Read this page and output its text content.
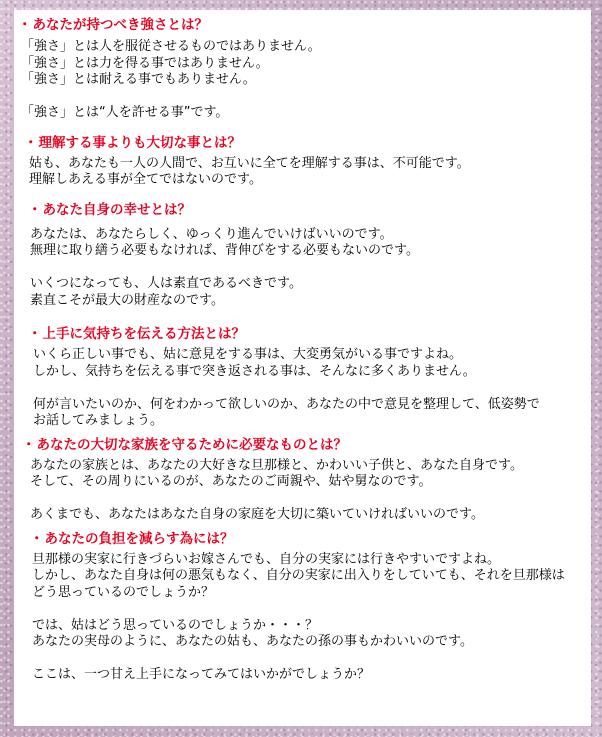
・あなたが持つべき強さとは？

「強さ」とは人を服従させるものではありません。

「強さ」とは力を得る事ではありません。

「強さ」とは耐える事でもありません。

「強さ」とは“人を許せる事”です。

・理解する事よりも大切な事とは？

姑も、あなたも一人の人間で、お互いに全てを理解する事は、不可能です。

理解しあえる事が全てではないのです。

・あなた自身の幸せとは？

あなたは、あなたらしく、ゆっくり進んでいけばいいのです。

無理に取り繕う必要もなければ、背伸びをする必要もないのです。

いくつになっても、人は素直であるべきです。

素直こそが最大の財産なのです。

・上手に気持ちを伝える方法とは？

いくら正しい事でも、姑に意見をする事は、大変勇気がいる事ですよね。

しかし、気持ちを伝える事で突き返される事は、そんなに多くありません。

何が言いたいのか、何をわかって欲しいのか、あなたの中で意見を整理して、低姿勢で

お話してみましょう。

・あなたの大切な家族を守るために必要なものとは？

あなたの家族とは、あなたの大好きな旦那様と、かわいい子供と、あなた自身です。

そして、その周りにいるのが、あなたのご両親や、姑や舅なのです。

あくまでも、あなたはあなた自身の家庭を大切に築いていければいいのです。

・あなたの負担を減らす為には？

旦那様の実家に行きづらいお嫁さんでも、自分の実家には行きやすいですよね。

しかし、あなた自身は何の悪気もなく、自分の実家に出入りをしていても、それを旦那様は

どう思っているのでしょうか？

では、姑はどう思っているのでしょうか・・・？

あなたの実母のように、あなたの姑も、あなたの孫の事もかわいいのです。

ここは、一つ甘え上手になってみてはいかがでしょうか？
